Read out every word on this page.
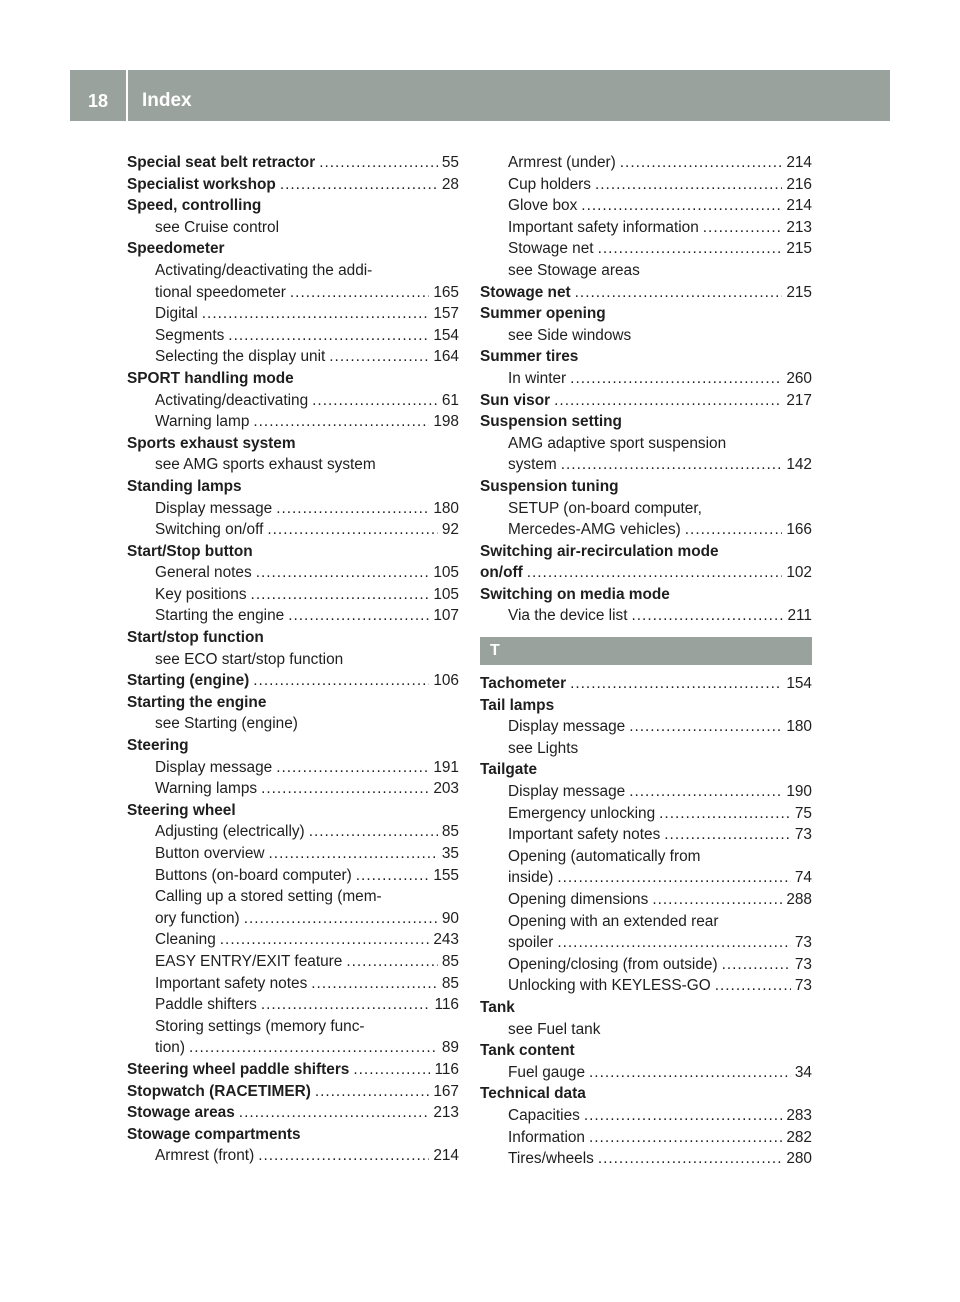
18	Index
Special seat belt retractor .....	55
Specialist workshop .....	28
Speed, controlling
see Cruise control
Speedometer
Activating/deactivating the addi-
tional speedometer .....	165
Digital .....	157
Segments .....	154
Selecting the display unit .....	164
SPORT handling mode
Activating/deactivating .....	61
Warning lamp .....	198
Sports exhaust system
see AMG sports exhaust system
Standing lamps
Display message .....	180
Switching on/off .....	92
Start/Stop button
General notes .....	105
Key positions .....	105
Starting the engine .....	107
Start/stop function
see ECO start/stop function
Starting (engine) .....	106
Starting the engine
see Starting (engine)
Steering
Display message .....	191
Warning lamps .....	203
Steering wheel
Adjusting (electrically) .....	85
Button overview .....	35
Buttons (on-board computer) .....	155
Calling up a stored setting (mem-
ory function) .....	90
Cleaning .....	243
EASY ENTRY/EXIT feature .....	85
Important safety notes .....	85
Paddle shifters .....	116
Storing settings (memory func-
tion) .....	89
Steering wheel paddle shifters .....	116
Stopwatch (RACETIMER) .....	167
Stowage areas .....	213
Stowage compartments
Armrest (front) .....	214
Armrest (under) .....	214
Cup holders .....	216
Glove box .....	214
Important safety information .....	213
Stowage net .....	215
see Stowage areas
Stowage net .....	215
Summer opening
see Side windows
Summer tires
In winter .....	260
Sun visor .....	217
Suspension setting
AMG adaptive sport suspension
system .....	142
Suspension tuning
SETUP (on-board computer,
Mercedes-AMG vehicles) .....	166
Switching air-recirculation mode
on/off .....	102
Switching on media mode
Via the device list .....	211
T
Tachometer .....	154
Tail lamps
Display message .....	180
see Lights
Tailgate
Display message .....	190
Emergency unlocking .....	75
Important safety notes .....	73
Opening (automatically from
inside) .....	74
Opening dimensions .....	288
Opening with an extended rear
spoiler .....	73
Opening/closing (from outside) .....	73
Unlocking with KEYLESS-GO .....	73
Tank
see Fuel tank
Tank content
Fuel gauge .....	34
Technical data
Capacities .....	283
Information .....	282
Tires/wheels .....	280
